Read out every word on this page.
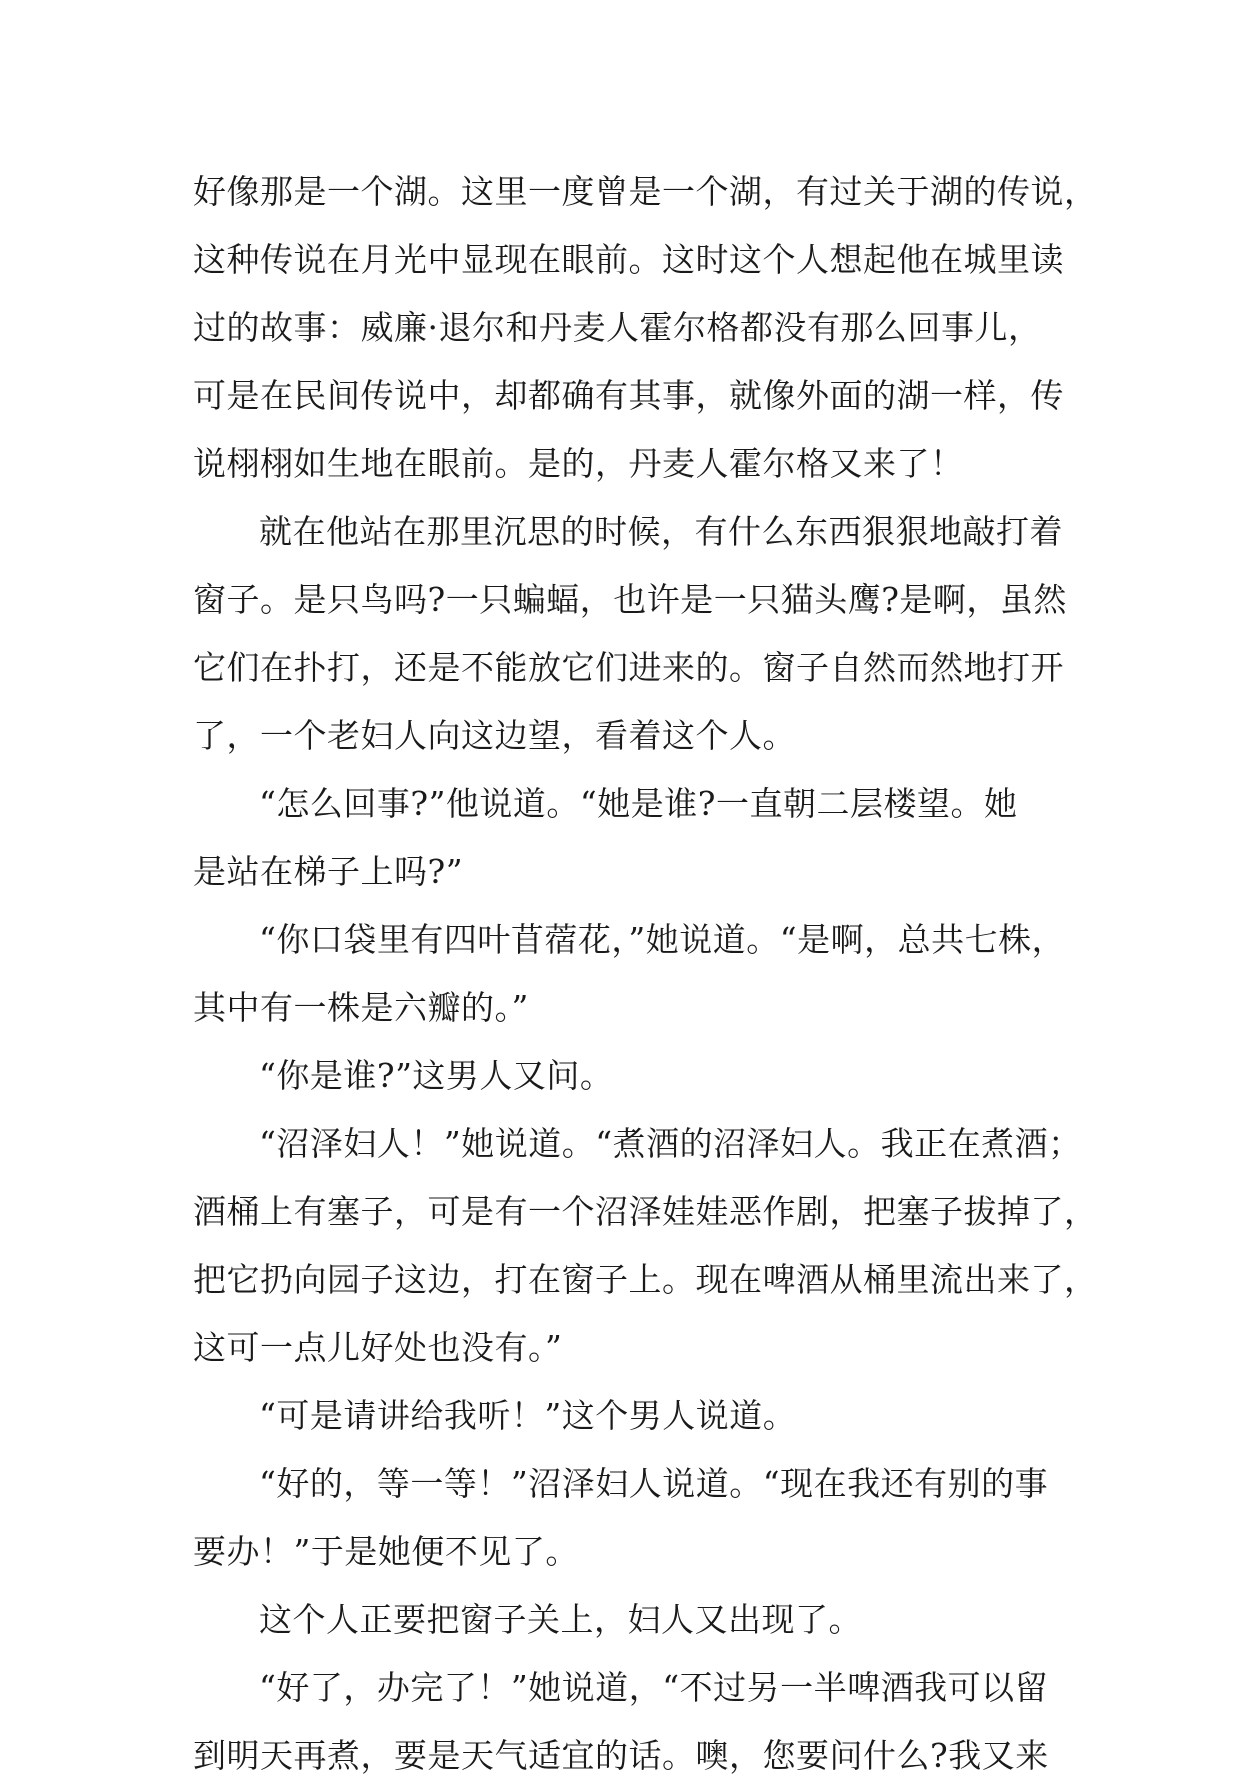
好像那是一个湖。这里一度曾是一个湖，有过关于湖的传说，
这种传说在月光中显现在眼前。这时这个人想起他在城里读
过的故事：威廉·退尔和丹麦人霍尔格都没有那么回事儿，
可是在民间传说中，却都确有其事，就像外面的湖一样，传
说栩栩如生地在眼前。是的，丹麦人霍尔格又来了！
就在他站在那里沉思的时候，有什么东西狠狠地敲打着
窗子。是只鸟吗?一只蝙蝠，也许是一只猫头鹰?是啊，虽然
它们在扑打，还是不能放它们进来的。窗子自然而然地打开
了，一个老妇人向这边望，看着这个人。
“怎么回事?”他说道。“她是谁?一直朝二层楼望。她
是站在梯子上吗?”
“你口袋里有四叶苜蓿花，”她说道。“是啊，总共七株，
其中有一株是六瓣的。”
“你是谁?”这男人又问。
“沼泽妇人！”她说道。“煮酒的沼泽妇人。我正在煮酒；
酒桶上有塞子，可是有一个沼泽娃娃恶作剧，把塞子拔掉了，
把它扔向园子这边，打在窗子上。现在啤酒从桶里流出来了，
这可一点儿好处也没有。”
“可是请讲给我听！”这个男人说道。
“好的，等一等！”沼泽妇人说道。“现在我还有别的事
要办！”于是她便不见了。
这个人正要把窗子关上，妇人又出现了。
“好了，办完了！”她说道，“不过另一半啤酒我可以留
到明天再煮，要是天气适宜的话。噢，您要问什么?我又来
